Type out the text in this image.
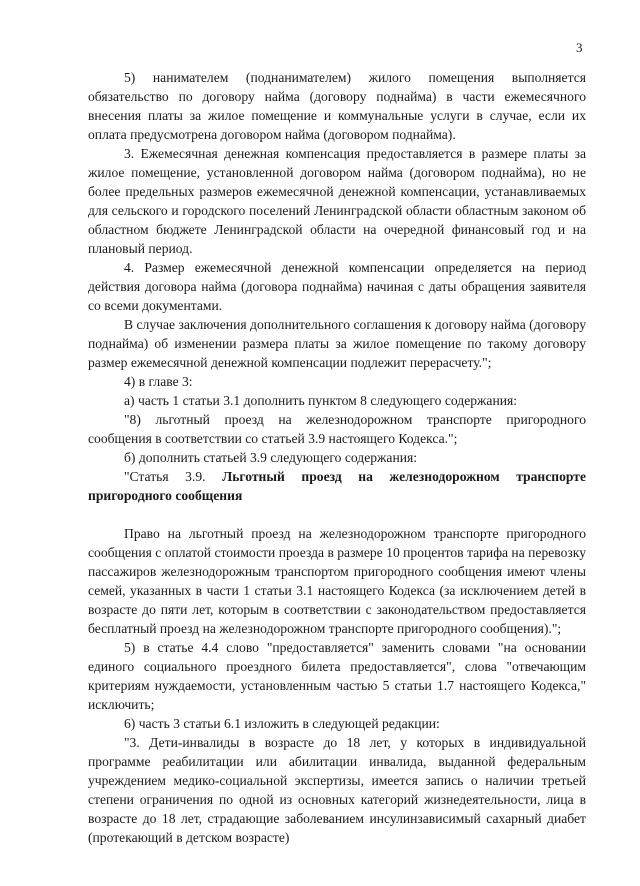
3

5) нанимателем (поднанимателем) жилого помещения выполняется обязательство по договору найма (договору поднайма) в части ежемесячного внесения платы за жилое помещение и коммунальные услуги в случае, если их оплата предусмотрена договором найма (договором поднайма).

3. Ежемесячная денежная компенсация предоставляется в размере платы за жилое помещение, установленной договором найма (договором поднайма), но не более предельных размеров ежемесячной денежной компенсации, устанавливаемых для сельского и городского поселений Ленинградской области областным законом об областном бюджете Ленинградской области на очередной финансовый год и на плановый период.

4. Размер ежемесячной денежной компенсации определяется на период действия договора найма (договора поднайма) начиная с даты обращения заявителя со всеми документами.

В случае заключения дополнительного соглашения к договору найма (договору поднайма) об изменении размера платы за жилое помещение по такому договору размер ежемесячной денежной компенсации подлежит перерасчету.";

4) в главе 3:

а) часть 1 статьи 3.1 дополнить пунктом 8 следующего содержания:

"8) льготный проезд на железнодорожном транспорте пригородного сообщения в соответствии со статьей 3.9 настоящего Кодекса.";

б) дополнить статьей 3.9 следующего содержания:

"Статья 3.9. Льготный проезд на железнодорожном транспорте пригородного сообщения

Право на льготный проезд на железнодорожном транспорте пригородного сообщения с оплатой стоимости проезда в размере 10 процентов тарифа на перевозку пассажиров железнодорожным транспортом пригородного сообщения имеют члены семей, указанных в части 1 статьи 3.1 настоящего Кодекса (за исключением детей в возрасте до пяти лет, которым в соответствии с законодательством предоставляется бесплатный проезд на железнодорожном транспорте пригородного сообщения).";

5) в статье 4.4 слово "предоставляется" заменить словами "на основании единого социального проездного билета предоставляется", слова "отвечающим критериям нуждаемости, установленным частью 5 статьи 1.7 настоящего Кодекса," исключить;

6) часть 3 статьи 6.1 изложить в следующей редакции:

"3. Дети-инвалиды в возрасте до 18 лет, у которых в индивидуальной программе реабилитации или абилитации инвалида, выданной федеральным учреждением медико-социальной экспертизы, имеется запись о наличии третьей степени ограничения по одной из основных категорий жизнедеятельности, лица в возрасте до 18 лет, страдающие заболеванием инсулинзависимый сахарный диабет (протекающий в детском возрасте)
